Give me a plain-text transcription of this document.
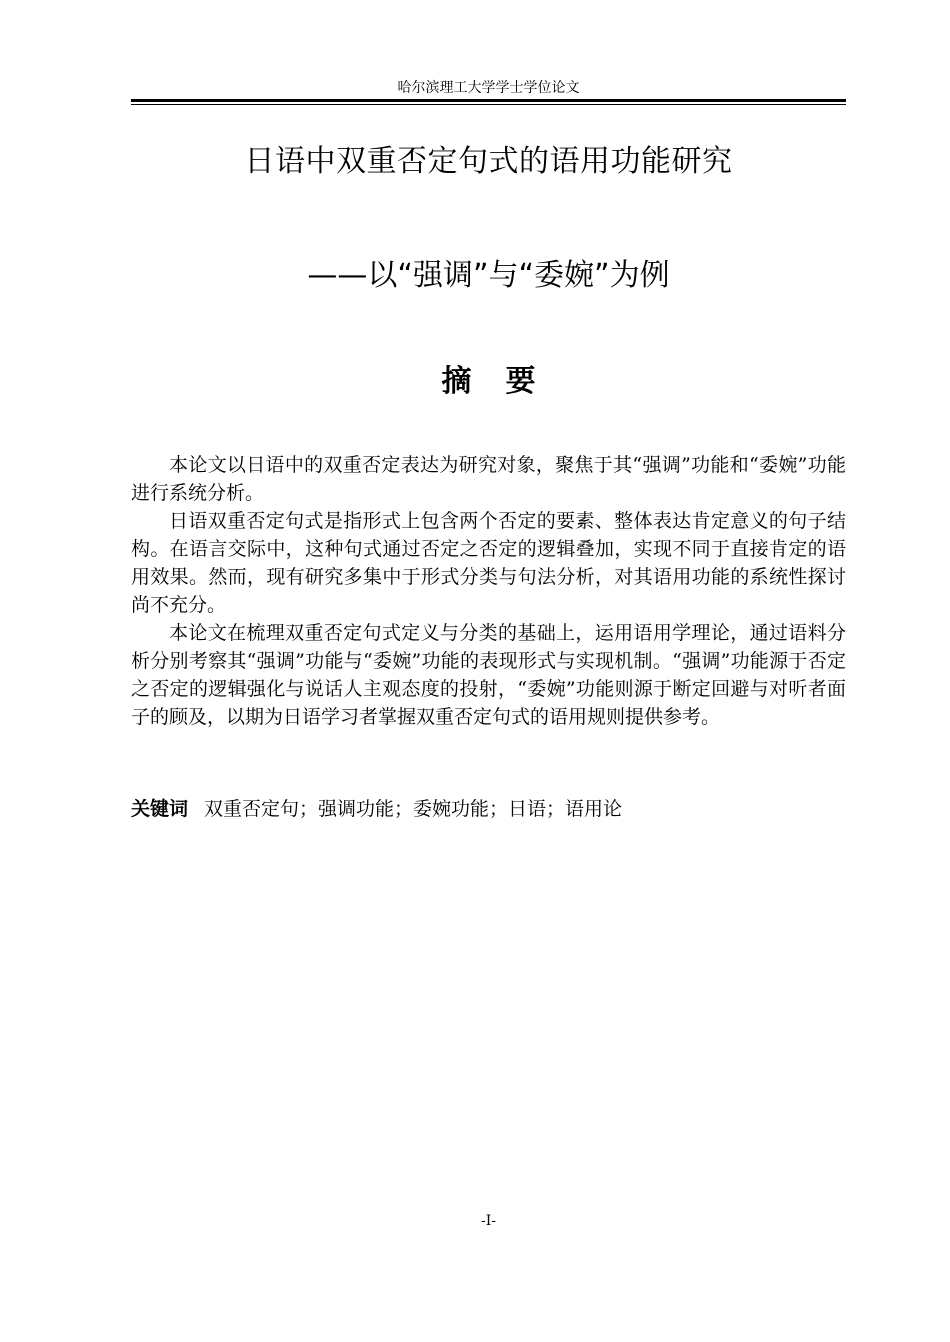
哈尔滨理工大学学士学位论文
日语中双重否定句式的语用功能研究
——以“强调”与“委婉”为例
摘要

本论文以日语中的双重否定表达为研究对象，聚焦于其“强调”功能和“委婉”功能进行系统分析。

日语双重否定句式是指形式上包含两个否定的要素、整体表达肯定意义的句子结构。在语言交际中，这种句式通过否定之否定的逻辑叠加，实现不同于直接肯定的语用效果。然而，现有研究多集中于形式分类与句法分析，对其语用功能的系统性探讨尚不充分。

本论文在梳理双重否定句式定义与分类的基础上，运用语用学理论，通过语料分析分别考察其“强调”功能与“委婉”功能的表现形式与实现机制。“强调”功能源于否定之否定的逻辑强化与说话人主观态度的投射，“委婉”功能则源于断定回避与对听者面子的顾及，以期为日语学习者掌握双重否定句式的语用规则提供参考。

关键词 双重否定句；强调功能；委婉功能；日语；语用论
-I-
